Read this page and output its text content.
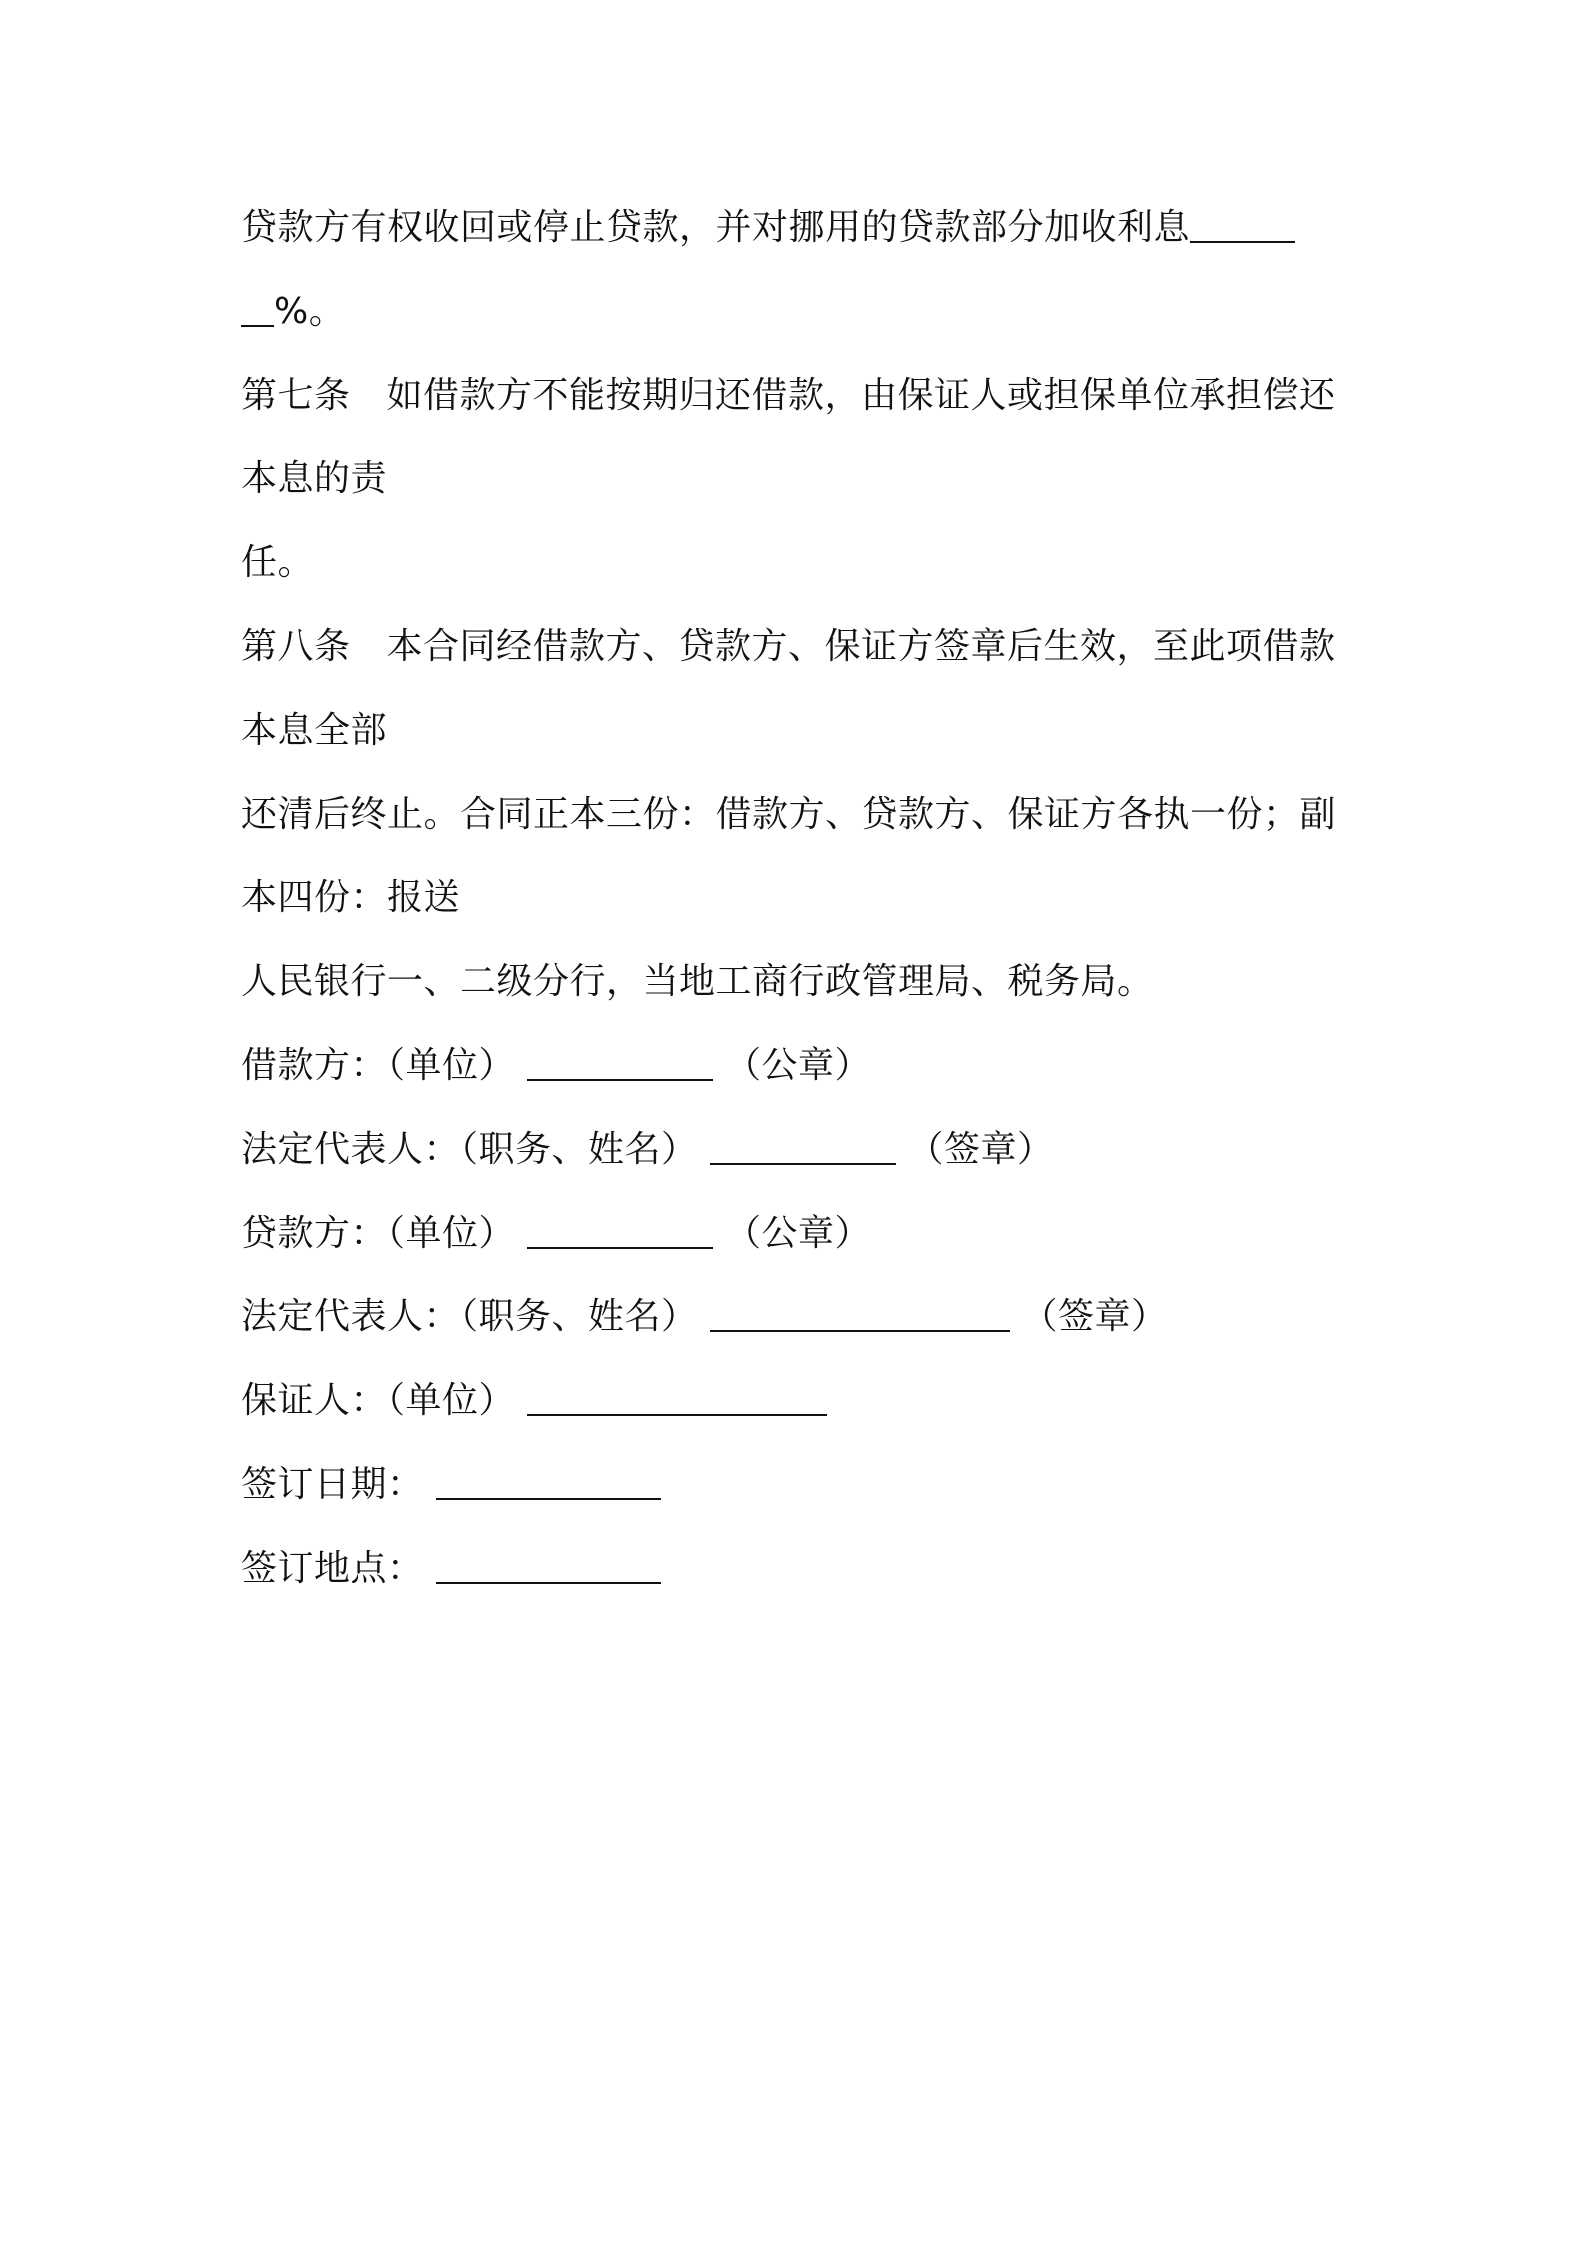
贷款方有权收回或停止贷款，并对挪用的贷款部分加收利息
%。
第七条 如借款方不能按期归还借款，由保证人或担保单位承担偿还
本息的责
任。
第八条 本合同经借款方、贷款方、保证方签章后生效，至此项借款
本息全部
还清后终止。合同正本三份：借款方、贷款方、保证方各执一份；副
本四份：报送
人民银行一、二级分行，当地工商行政管理局、税务局。
借款方：（单位）	（公章）
法定代表人：（职务、姓名）	（签章）
贷款方：（单位）	（公章）
法定代表人：（职务、姓名）	（签章）
保证人：（单位）
签订日期：
签订地点：
